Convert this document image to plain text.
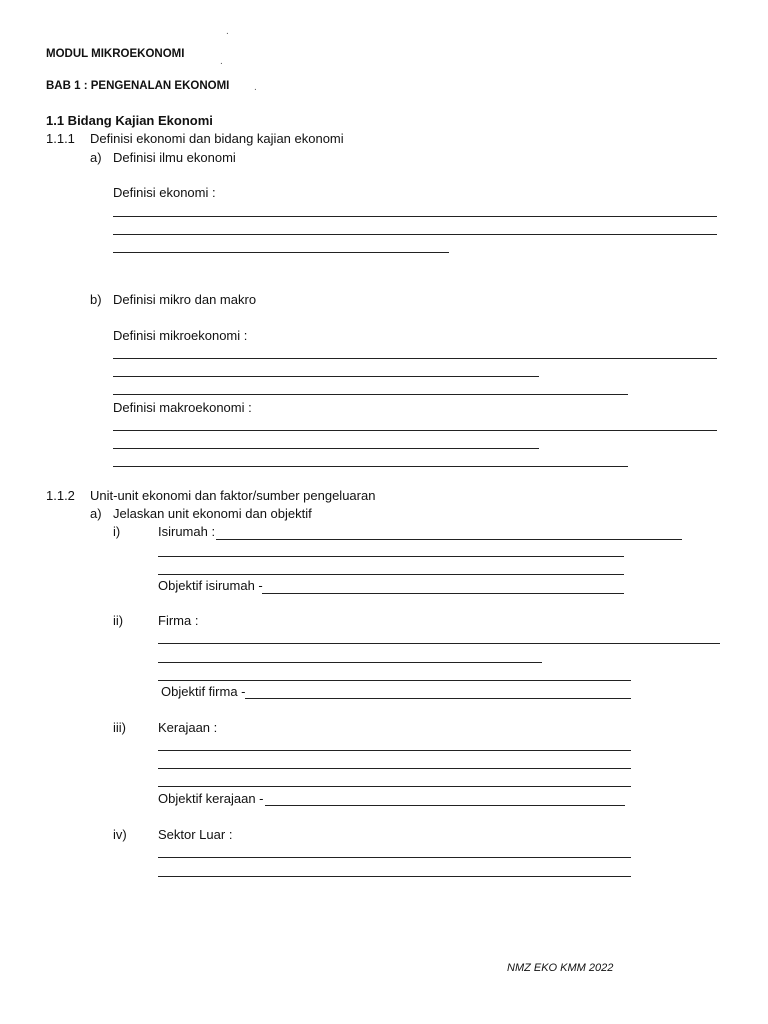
.
MODUL MIKROEKONOMI
.
BAB 1 : PENGENALAN EKONOMI .
1.1 Bidang Kajian Ekonomi
1.1.1 Definisi ekonomi dan bidang kajian ekonomi
a) Definisi ilmu ekonomi
Definisi ekonomi :
b) Definisi mikro dan makro
Definisi mikroekonomi :
Definisi makroekonomi :
1.1.2 Unit-unit ekonomi dan faktor/sumber pengeluaran
a) Jelaskan unit ekonomi dan objektif
i)	Isirumah :
Objektif isirumah -
ii)	Firma :
Objektif firma -
iii) Kerajaan :
Objektif kerajaan -
iv) Sektor Luar :
NMZ EKO KMM 2022
